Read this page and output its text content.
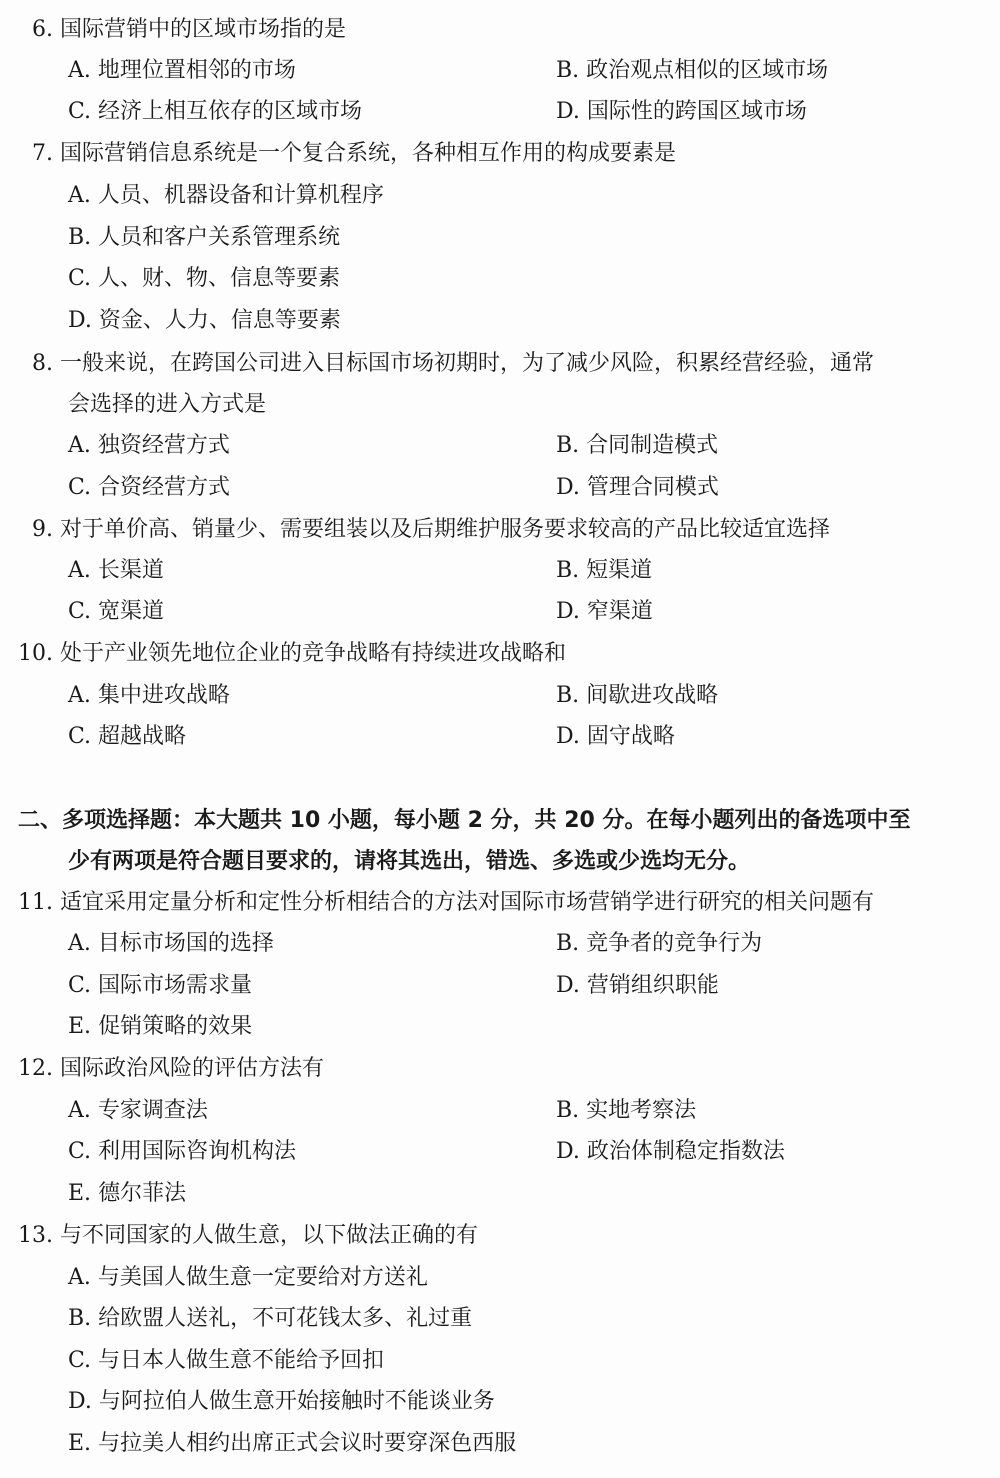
6. 国际营销中的区域市场指的是
A. 地理位置相邻的市场	B. 政治观点相似的区域市场
C. 经济上相互依存的区域市场	D. 国际性的跨国区域市场
7. 国际营销信息系统是一个复合系统，各种相互作用的构成要素是
A. 人员、机器设备和计算机程序
B. 人员和客户关系管理系统
C. 人、财、物、信息等要素
D. 资金、人力、信息等要素
8. 一般来说，在跨国公司进入目标国市场初期时，为了减少风险，积累经营经验，通常
会选择的进入方式是
A. 独资经营方式	B. 合同制造模式
C. 合资经营方式	D. 管理合同模式
9. 对于单价高、销量少、需要组装以及后期维护服务要求较高的产品比较适宜选择
A. 长渠道	B. 短渠道
C. 宽渠道	D. 窄渠道
10. 处于产业领先地位企业的竞争战略有持续进攻战略和
A. 集中进攻战略	B. 间歇进攻战略
C. 超越战略	D. 固守战略
二、多项选择题：本大题共 10 小题，每小题 2 分，共 20 分。在每小题列出的备选项中至
少有两项是符合题目要求的，请将其选出，错选、多选或少选均无分。
11. 适宜采用定量分析和定性分析相结合的方法对国际市场营销学进行研究的相关问题有
A. 目标市场国的选择	B. 竞争者的竞争行为
C. 国际市场需求量	D. 营销组织职能
E. 促销策略的效果
12. 国际政治风险的评估方法有
A. 专家调查法	B. 实地考察法
C. 利用国际咨询机构法	D. 政治体制稳定指数法
E. 德尔菲法
13. 与不同国家的人做生意，以下做法正确的有
A. 与美国人做生意一定要给对方送礼
B. 给欧盟人送礼，不可花钱太多、礼过重
C. 与日本人做生意不能给予回扣
D. 与阿拉伯人做生意开始接触时不能谈业务
E. 与拉美人相约出席正式会议时要穿深色西服
